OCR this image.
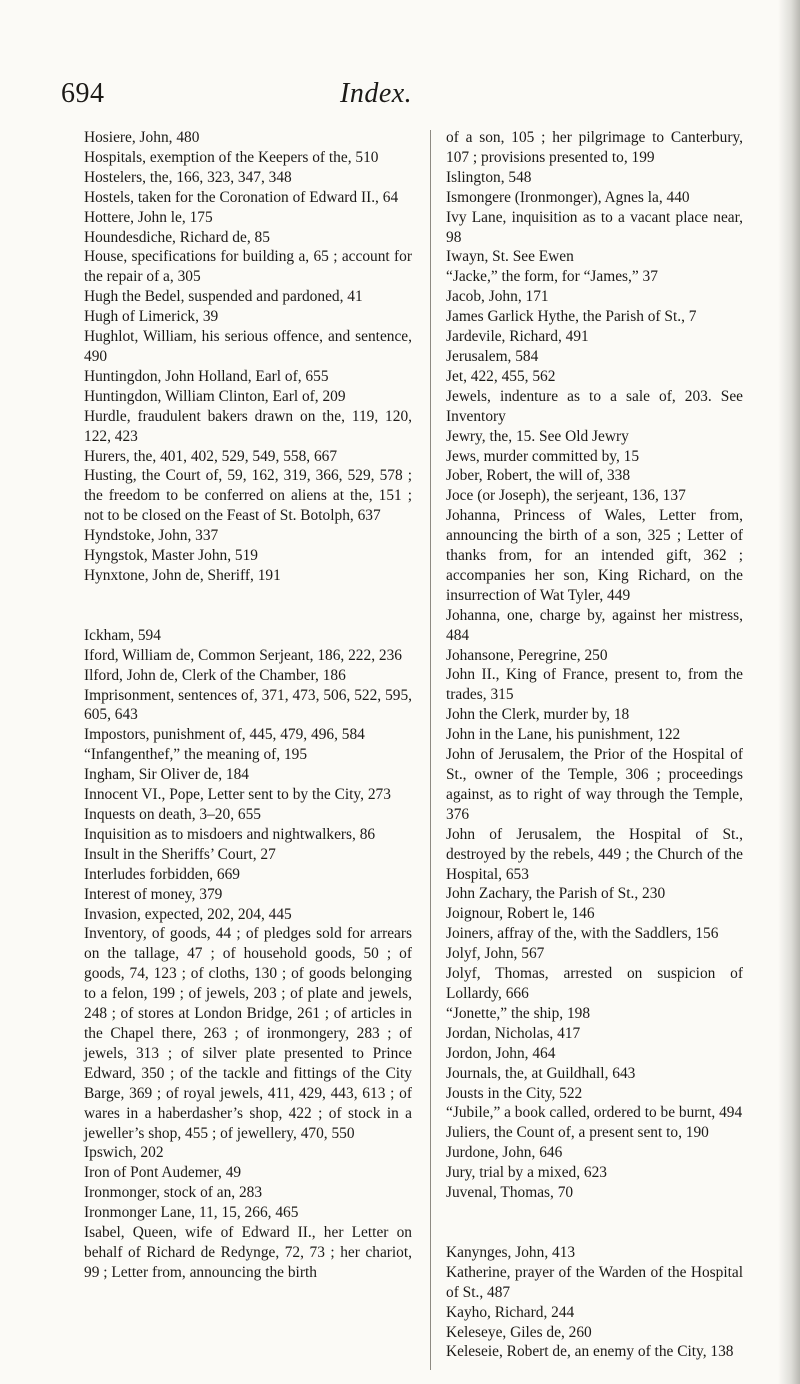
694	Index.
Hosiere, John, 480
Hospitals, exemption of the Keepers of the, 510
Hostelers, the, 166, 323, 347, 348
Hostels, taken for the Coronation of Edward II., 64
Hottere, John le, 175
Houndesdiche, Richard de, 85
House, specifications for building a, 65 ; account for the repair of a, 305
Hugh the Bedel, suspended and pardoned, 41
Hugh of Limerick, 39
Hughlot, William, his serious offence, and sentence, 490
Huntingdon, John Holland, Earl of, 655
Huntingdon, William Clinton, Earl of, 209
Hurdle, fraudulent bakers drawn on the, 119, 120, 122, 423
Hurers, the, 401, 402, 529, 549, 558, 667
Husting, the Court of, 59, 162, 319, 366, 529, 578 ; the freedom to be conferred on aliens at the, 151 ; not to be closed on the Feast of St. Botolph, 637
Hyndstoke, John, 337
Hyngstok, Master John, 519
Hynxtone, John de, Sheriff, 191
Ickham, 594
Iford, William de, Common Serjeant, 186, 222, 236
Ilford, John de, Clerk of the Chamber, 186
Imprisonment, sentences of, 371, 473, 506, 522, 595, 605, 643
Impostors, punishment of, 445, 479, 496, 584
“Infangenthef,” the meaning of, 195
Ingham, Sir Oliver de, 184
Innocent VI., Pope, Letter sent to by the City, 273
Inquests on death, 3–20, 655
Inquisition as to misdoers and nightwalkers, 86
Insult in the Sheriffs’ Court, 27
Interludes forbidden, 669
Interest of money, 379
Invasion, expected, 202, 204, 445
Inventory, of goods, 44 ; of pledges sold for arrears on the tallage, 47 ; of household goods, 50 ; of goods, 74, 123 ; of cloths, 130 ; of goods belonging to a felon, 199 ; of jewels, 203 ; of plate and jewels, 248 ; of stores at London Bridge, 261 ; of articles in the Chapel there, 263 ; of ironmongery, 283 ; of jewels, 313 ; of silver plate presented to Prince Edward, 350 ; of the tackle and fittings of the City Barge, 369 ; of royal jewels, 411, 429, 443, 613 ; of wares in a haberdasher’s shop, 422 ; of stock in a jeweller’s shop, 455 ; of jewellery, 470, 550
Ipswich, 202
Iron of Pont Audemer, 49
Ironmonger, stock of an, 283
Ironmonger Lane, 11, 15, 266, 465
Isabel, Queen, wife of Edward II., her Letter on behalf of Richard de Redynge, 72, 73 ; her chariot, 99 ; Letter from, announcing the birth
of a son, 105 ; her pilgrimage to Canterbury, 107 ; provisions presented to, 199
Islington, 548
Ismongere (Ironmonger), Agnes la, 440
Ivy Lane, inquisition as to a vacant place near, 98
Iwayn, St. See Ewen
“Jacke,” the form, for “James,” 37
Jacob, John, 171
James Garlick Hythe, the Parish of St., 7
Jardevile, Richard, 491
Jerusalem, 584
Jet, 422, 455, 562
Jewels, indenture as to a sale of, 203. See Inventory
Jewry, the, 15. See Old Jewry
Jews, murder committed by, 15
Jober, Robert, the will of, 338
Joce (or Joseph), the serjeant, 136, 137
Johanna, Princess of Wales, Letter from, announcing the birth of a son, 325 ; Letter of thanks from, for an intended gift, 362 ; accompanies her son, King Richard, on the insurrection of Wat Tyler, 449
Johanna, one, charge by, against her mistress, 484
Johansone, Peregrine, 250
John II., King of France, present to, from the trades, 315
John the Clerk, murder by, 18
John in the Lane, his punishment, 122
John of Jerusalem, the Prior of the Hospital of St., owner of the Temple, 306 ; proceedings against, as to right of way through the Temple, 376
John of Jerusalem, the Hospital of St., destroyed by the rebels, 449 ; the Church of the Hospital, 653
John Zachary, the Parish of St., 230
Joignour, Robert le, 146
Joiners, affray of the, with the Saddlers, 156
Jolyf, John, 567
Jolyf, Thomas, arrested on suspicion of Lollardy, 666
“Jonette,” the ship, 198
Jordan, Nicholas, 417
Jordon, John, 464
Journals, the, at Guildhall, 643
Jousts in the City, 522
“Jubile,” a book called, ordered to be burnt, 494
Juliers, the Count of, a present sent to, 190
Jurdone, John, 646
Jury, trial by a mixed, 623
Juvenal, Thomas, 70
Kanynges, John, 413
Katherine, prayer of the Warden of the Hospital of St., 487
Kayho, Richard, 244
Keleseye, Giles de, 260
Keleseie, Robert de, an enemy of the City, 138
